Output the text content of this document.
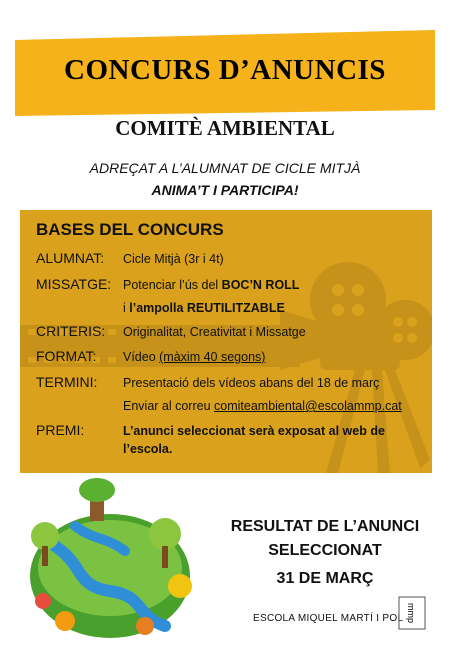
CONCURS D’ANUNCIS
COMITÈ AMBIENTAL
ADREÇAT A L’ALUMNAT DE CICLE MITJÀ
ANIMA’T I PARTICIPA!
BASES DEL CONCURS
ALUMNAT: Cicle Mitjà (3r i 4t)
MISSATGE: Potenciar l’ús del BOC’N ROLL
i l’ampolla REUTILITZABLE
CRITERIS: Originalitat, Creativitat i Missatge
FORMAT: Vídeo (màxim 40 segons)
TERMINI: Presentació dels vídeos abans del 18 de març
Enviar al correu comiteambiental@escolammp.cat
PREMI:	L’anunci seleccionat serà exposat al web de
l’escola.
RESULTAT DE L’ANUNCI
SELECCIONAT
31 DE MARÇ
ESCOLA MIQUEL MARTÍ I POL mmp
